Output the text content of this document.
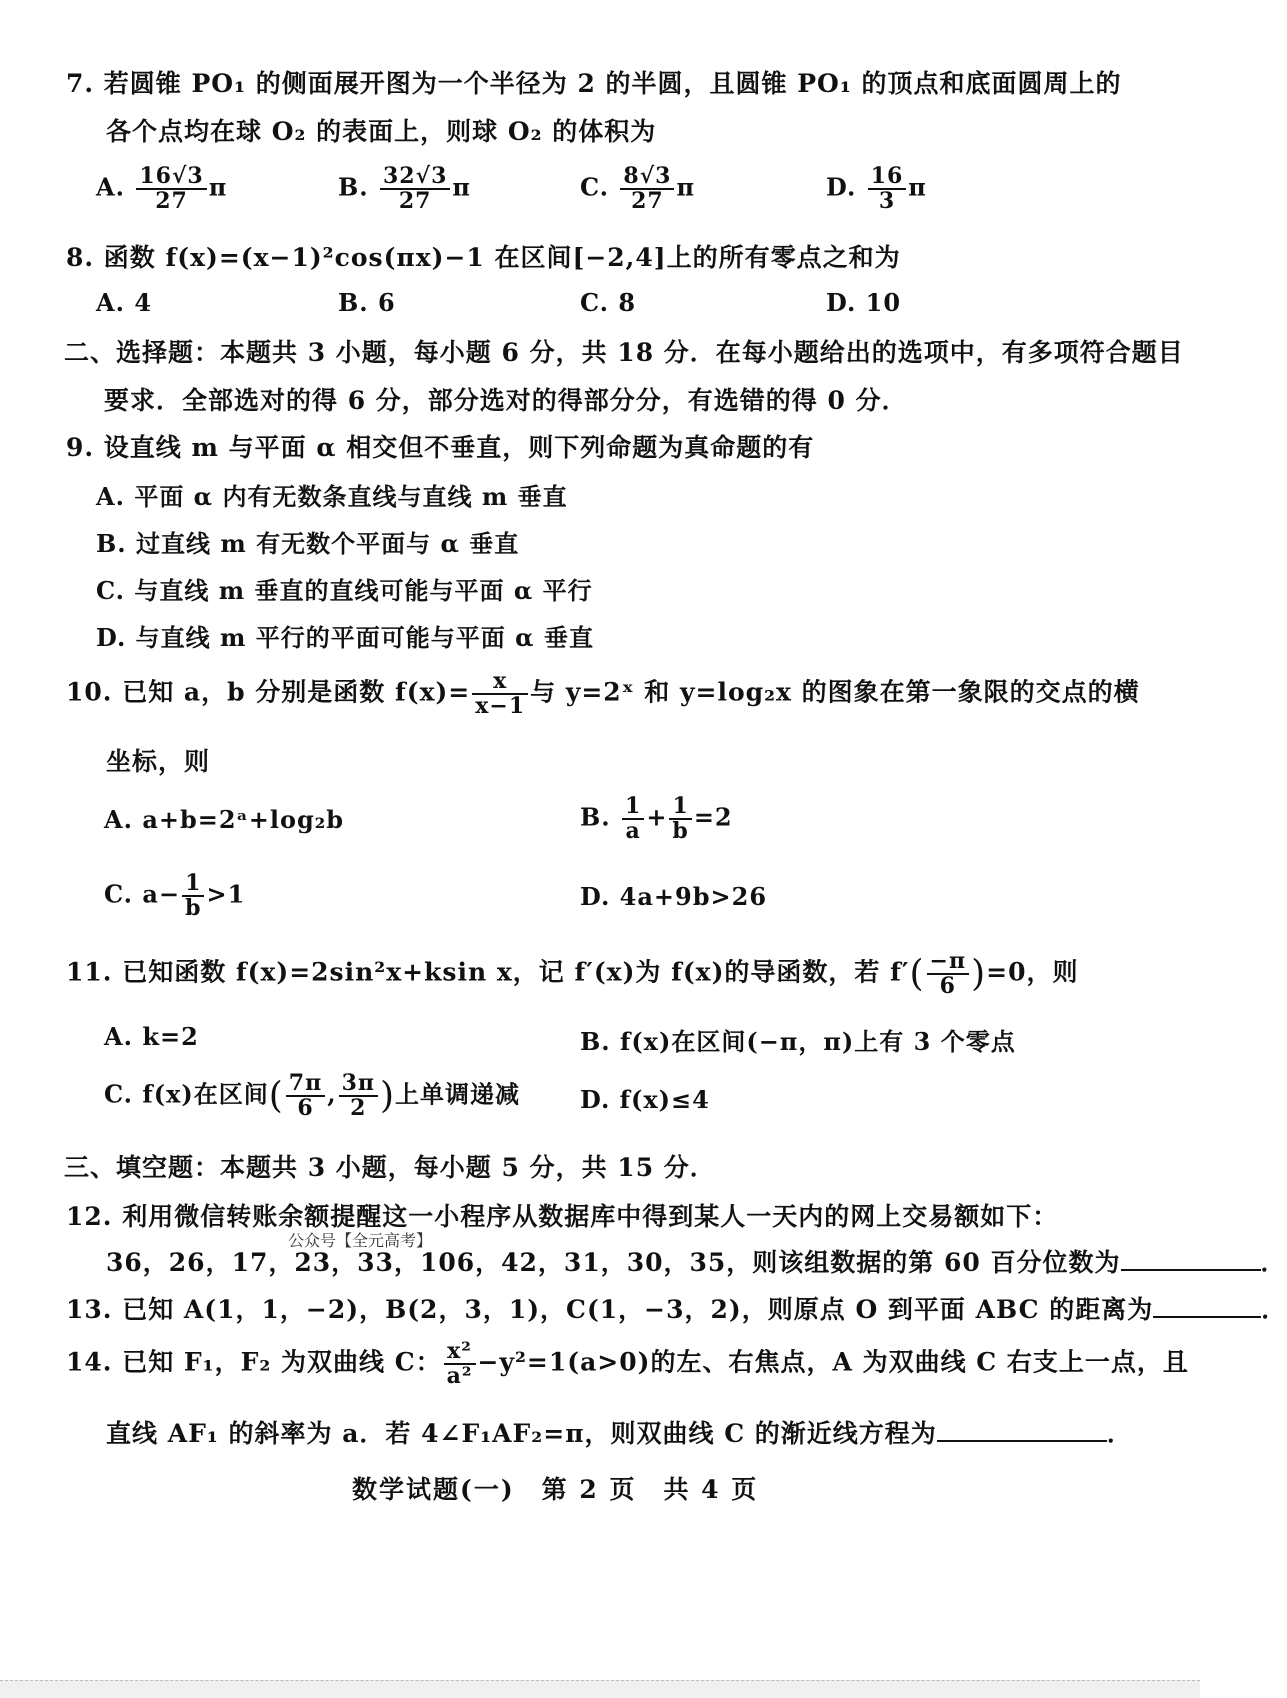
7. 若圆锥 PO₁ 的侧面展开图为一个半径为 2 的半圆，且圆锥 PO₁ 的顶点和底面圆周上的
各个点均在球 O₂ 的表面上，则球 O₂ 的体积为
A. $\frac{16√3}{27}$ π	B. $\frac{32√3}{27}$ π	C. $\frac{8√3}{27}$ π	D. $\frac{16}{3}$ π
8. 函数 f(x)=(x−1)²cos(πx)−1 在区间[−2,4]上的所有零点之和为
A. 4	B. 6	C. 8	D. 10
二、选择题：本题共 3 小题，每小题 6 分，共 18 分．在每小题给出的选项中，有多项符合题目
要求．全部选对的得 6 分，部分选对的得部分分，有选错的得 0 分．
9. 设直线 m 与平面 α 相交但不垂直，则下列命题为真命题的有
A. 平面 α 内有无数条直线与直线 m 垂直
B. 过直线 m 有无数个平面与 α 垂直
C. 与直线 m 垂直的直线可能与平面 α 平行
D. 与直线 m 平行的平面可能与平面 α 垂直
10. 已知 a，b 分别是函数 $f(x)= \frac{x}{x-1}$ 与 y=2ˣ 和 y=log₂x 的图象在第一象限的交点的横
坐标，则
A. a+b=2ᵃ+log₂b	B. $\frac{1}{a} + \frac{1}{b} =2$
C. $a- \frac{1}{b} >1$	D. 4a+9b>26
11. 已知函数 f(x)=2sin²x+ksin x，记 f′(x)为 f(x)的导函数，若 $f'( \frac{-\pi}{6} )=0$，则
A. k=2	B. f(x)在区间(−π，π)上有 3 个零点
C. f(x)在区间( $\frac{7\pi}{6}$ , $\frac{3\pi}{2}$ )上单调递减 D. f(x)≤4
三、填空题：本题共 3 小题，每小题 5 分，共 15 分．
12. 利用微信转账余额提醒这一小程序从数据库中得到某人一天内的网上交易额如下：
公众号【全元高考】
36，26，17，23，33，106，42，31，30，35，则该组数据的第 60 百分位数为	．
13. 已知 A(1，1，−2)，B(2，3，1)，C(1，−3，2)，则原点 O 到平面 ABC 的距离为	．
14. 已知 F₁，F₂ 为双曲线 C： $\frac{\text{x²}}{\text{a²}} -y^2=1(a>0)$的左、右焦点，A 为双曲线 C 右支上一点，且
直线 AF₁ 的斜率为 a．若 4∠F₁AF₂=π，则双曲线 C 的渐近线方程为	．
数学试题(一)　第 2 页　共 4 页
